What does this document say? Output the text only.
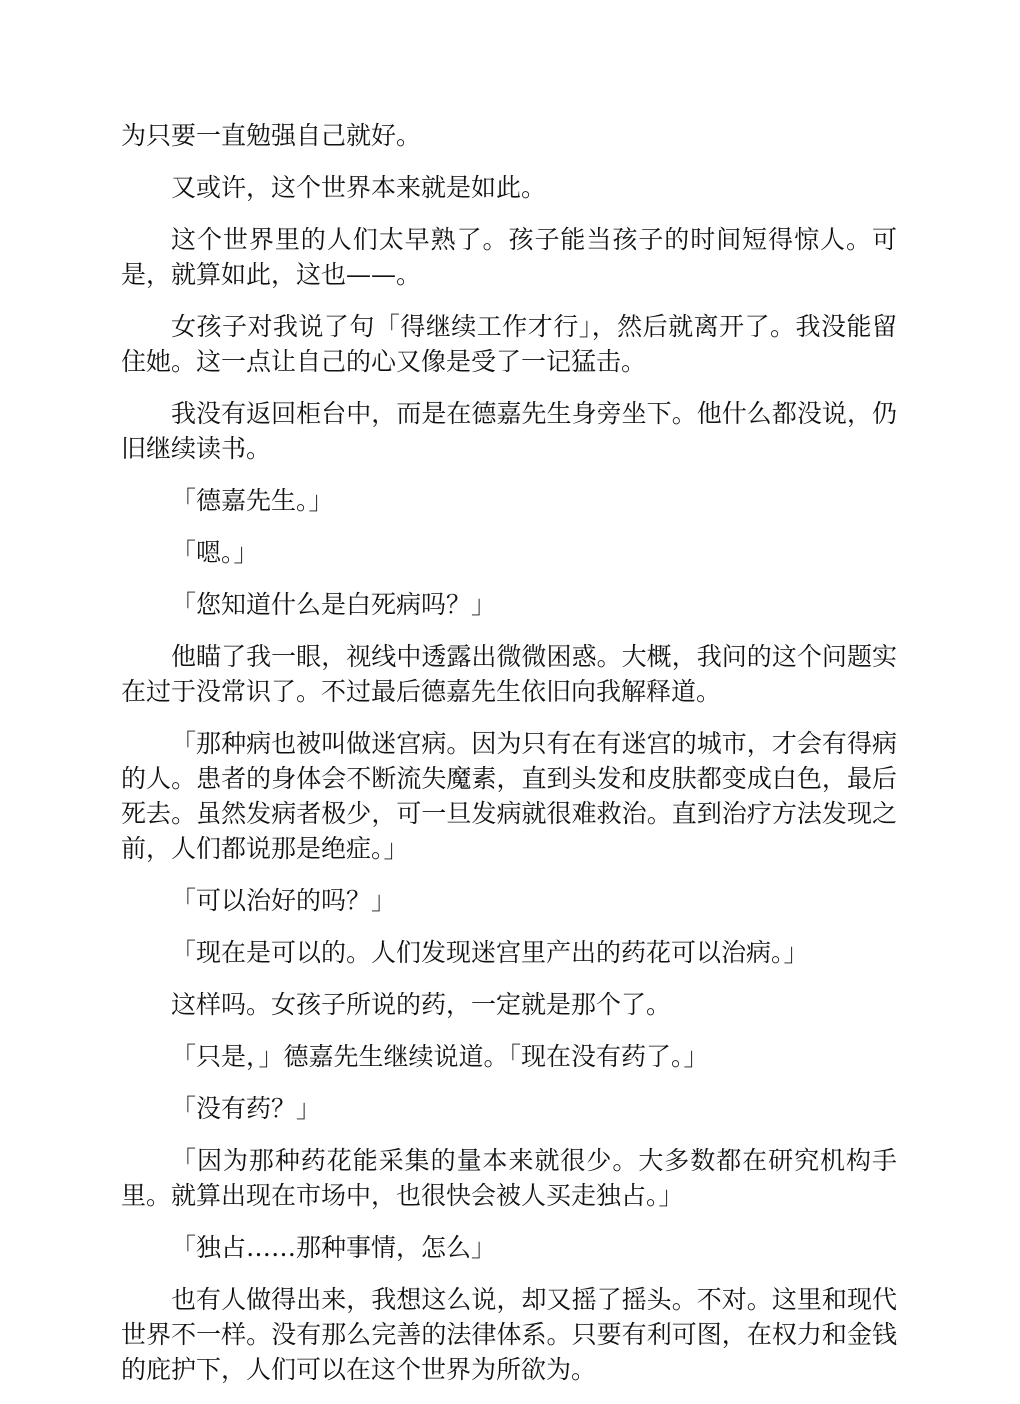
为只要一直勉强自己就好。

又或许，这个世界本来就是如此。

这个世界里的人们太早熟了。孩子能当孩子的时间短得惊人。可是，就算如此，这也——。

女孩子对我说了句「得继续工作才行」，然后就离开了。我没能留住她。这一点让自己的心又像是受了一记猛击。

我没有返回柜台中，而是在德嘉先生身旁坐下。他什么都没说，仍旧继续读书。

「德嘉先生。」

「嗯。」

「您知道什么是白死病吗？」

他瞄了我一眼，视线中透露出微微困惑。大概，我问的这个问题实在过于没常识了。不过最后德嘉先生依旧向我解释道。

「那种病也被叫做迷宫病。因为只有在有迷宫的城市，才会有得病的人。患者的身体会不断流失魔素，直到头发和皮肤都变成白色，最后死去。虽然发病者极少，可一旦发病就很难救治。直到治疗方法发现之前，人们都说那是绝症。」

「可以治好的吗？」

「现在是可以的。人们发现迷宫里产出的药花可以治病。」

这样吗。女孩子所说的药，一定就是那个了。

「只是，」德嘉先生继续说道。「现在没有药了。」

「没有药？」

「因为那种药花能采集的量本来就很少。大多数都在研究机构手里。就算出现在市场中，也很快会被人买走独占。」

「独占……那种事情，怎么」

也有人做得出来，我想这么说，却又摇了摇头。不对。这里和现代世界不一样。没有那么完善的法律体系。只要有利可图，在权力和金钱的庇护下，人们可以在这个世界为所欲为。
